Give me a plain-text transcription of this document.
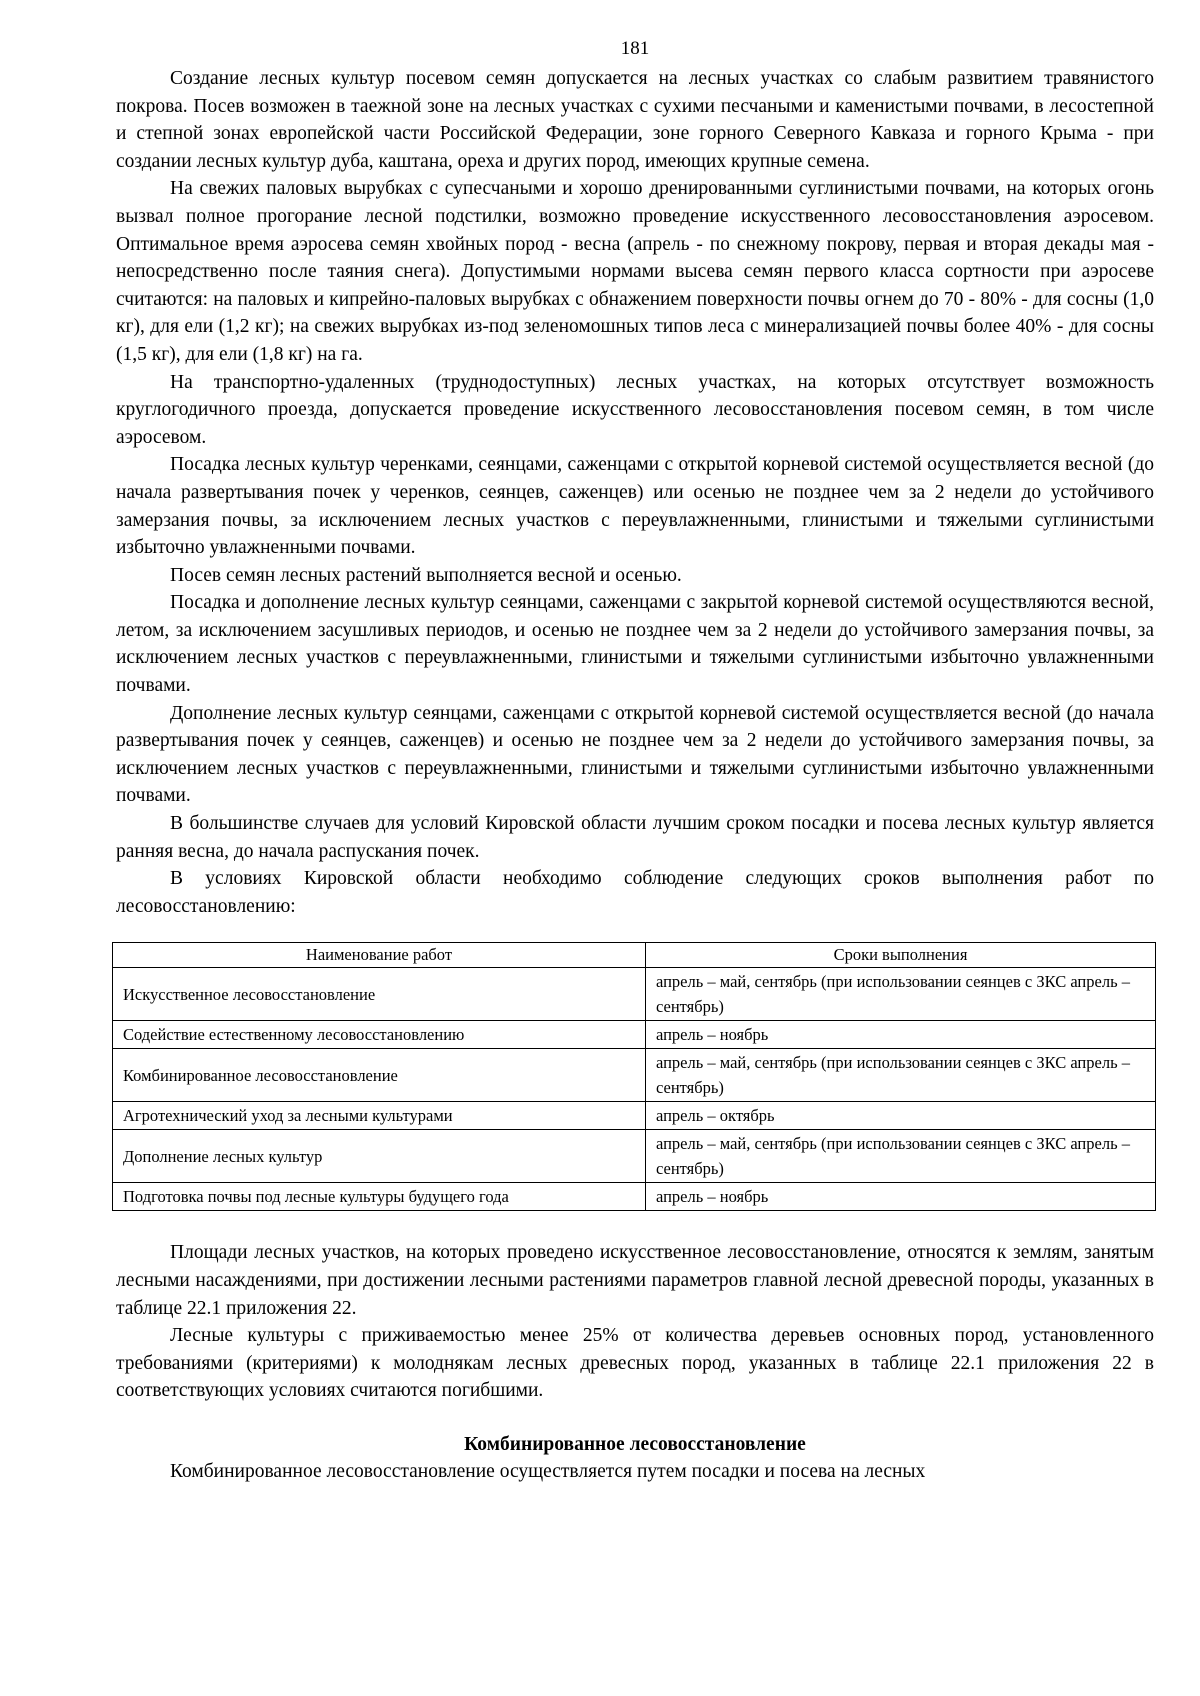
181

Создание лесных культур посевом семян допускается на лесных участках со слабым развитием травянистого покрова. Посев возможен в таежной зоне на лесных участках с сухими песчаными и каменистыми почвами, в лесостепной и степной зонах европейской части Российской Федерации, зоне горного Северного Кавказа и горного Крыма - при создании лесных культур дуба, каштана, ореха и других пород, имеющих крупные семена.

На свежих паловых вырубках с супесчаными и хорошо дренированными суглинистыми почвами, на которых огонь вызвал полное прогорание лесной подстилки, возможно проведение искусственного лесовосстановления аэросевом. Оптимальное время аэросева семян хвойных пород - весна (апрель - по снежному покрову, первая и вторая декады мая - непосредственно после таяния снега). Допустимыми нормами высева семян первого класса сортности при аэросеве считаются: на паловых и кипрейно-паловых вырубках с обнажением поверхности почвы огнем до 70 - 80% - для сосны (1,0 кг), для ели (1,2 кг); на свежих вырубках из-под зеленомошных типов леса с минерализацией почвы более 40% - для сосны (1,5 кг), для ели (1,8 кг) на га.

На транспортно-удаленных (труднодоступных) лесных участках, на которых отсутствует возможность круглогодичного проезда, допускается проведение искусственного лесовосстановления посевом семян, в том числе аэросевом.

Посадка лесных культур черенками, сеянцами, саженцами с открытой корневой системой осуществляется весной (до начала развертывания почек у черенков, сеянцев, саженцев) или осенью не позднее чем за 2 недели до устойчивого замерзания почвы, за исключением лесных участков с переувлажненными, глинистыми и тяжелыми суглинистыми избыточно увлажненными почвами.

Посев семян лесных растений выполняется весной и осенью.

Посадка и дополнение лесных культур сеянцами, саженцами с закрытой корневой системой осуществляются весной, летом, за исключением засушливых периодов, и осенью не позднее чем за 2 недели до устойчивого замерзания почвы, за исключением лесных участков с переувлажненными, глинистыми и тяжелыми суглинистыми избыточно увлажненными почвами.

Дополнение лесных культур сеянцами, саженцами с открытой корневой системой осуществляется весной (до начала развертывания почек у сеянцев, саженцев) и осенью не позднее чем за 2 недели до устойчивого замерзания почвы, за исключением лесных участков с переувлажненными, глинистыми и тяжелыми суглинистыми избыточно увлажненными почвами.

В большинстве случаев для условий Кировской области лучшим сроком посадки и посева лесных культур является ранняя весна, до начала распускания почек.

В условиях Кировской области необходимо соблюдение следующих сроков выполнения работ по лесовосстановлению:

Наименование работ	Сроки выполнения
Искусственное лесовосстановление	апрель – май, сентябрь (при использовании сеянцев с ЗКС апрель – сентябрь)
Содействие естественному лесовосстановлению	апрель – ноябрь
Комбинированное лесовосстановление	апрель – май, сентябрь (при использовании сеянцев с ЗКС апрель – сентябрь)
Агротехнический уход за лесными культурами	апрель – октябрь
Дополнение лесных культур	апрель – май, сентябрь (при использовании сеянцев с ЗКС апрель – сентябрь)
Подготовка почвы под лесные культуры будущего года	апрель – ноябрь

Площади лесных участков, на которых проведено искусственное лесовосстановление, относятся к землям, занятым лесными насаждениями, при достижении лесными растениями параметров главной лесной древесной породы, указанных в таблице 22.1 приложения 22.

Лесные культуры с приживаемостью менее 25% от количества деревьев основных пород, установленного требованиями (критериями) к молоднякам лесных древесных пород, указанных в таблице 22.1 приложения 22 в соответствующих условиях считаются погибшими.

Комбинированное лесовосстановление

Комбинированное лесовосстановление осуществляется путем посадки и посева на лесных
